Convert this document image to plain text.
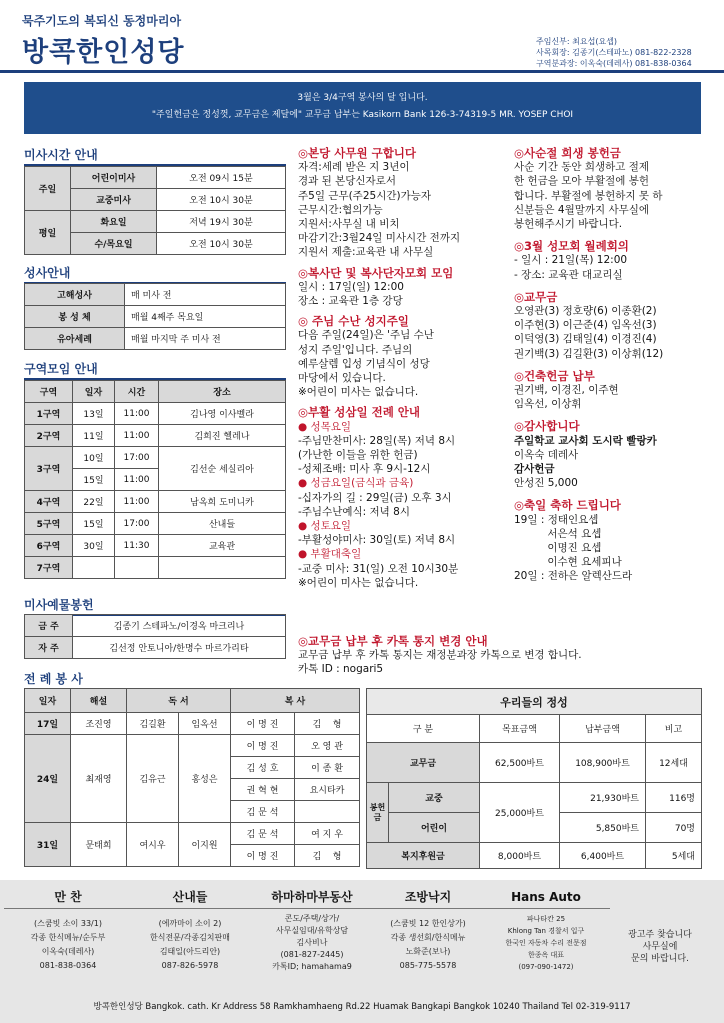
묵주기도의 복되신 동정마리아
방콕한인성당	주임신부: 최요섭(요셉)
사목회장: 김종기(스테파노) 081-822-2328
구역분과장: 이옥숙(데레사) 081-838-0364
3월은 3/4구역 봉사의 달 입니다.
"주일헌금은 정성껏, 교무금은 제달에" 교무금 납부는 Kasikorn Bank 126-3-74319-5 MR. YOSEP CHOI
미사시간 안내
주일	어린이미사	오전 09시 15분
	교중미사	오전 10시 30분
평일	화요일	저녁 19시 30분
	수/목요일	오전 10시 30분
성사안내
고해성사	매 미사 전
봉 성 체	매월 4째주 목요일
유아세례	매월 마지막 주 미사 전
구역모임 안내
구역	일자	시간	장소
1구역	13일	11:00	김나영 이사벨라
2구역	11일	11:00	김희진 헬레나
3구역	10일	17:00	김선순 세실리아
	15일	11:00	
4구역	22일	11:00	남옥희 도미니카
5구역	15일	17:00	산내들
6구역	30일	11:30	교육관
7구역			
미사예물봉헌
금 주	김종기 스테파노/이경옥 마크리나
자 주	김선정 안토니아/한명수 마르가리타
◎본당 사무원 구합니다
자격:세례 받은 지 3년이
경과 된 본당신자로서
주5일 근무(주25시간)가능자
근무시간:협의가능
지원서:사무실 내 비치
마감기간:3월24일 미사시간 전까지
지원서 제출:교육관 내 사무실
◎복사단 및 복사단자모회 모임
일시 : 17일(일) 12:00
장소 : 교육관 1층 강당
◎ 주님 수난 성지주일
다음 주일(24일)은 '주님 수난
성지 주일'입니다. 주님의
예루살렘 입성 기념식이 성당
마당에서 있습니다.
※어린이 미사는 없습니다.
◎부활 성삼일 전례 안내
● 성목요일
-주님만찬미사: 28일(목) 저녁 8시
(가난한 이들을 위한 헌금)
-성체조배: 미사 후 9시-12시
● 성금요일(금식과 금육)
-십자가의 길 : 29일(금) 오후 3시
-주님수난예식: 저녁 8시
● 성토요일
-부활성야미사: 30일(토) 저녁 8시
● 부활대축일
-교중 미사: 31(일) 오전 10시30분
※어린이 미사는 없습니다.
◎사순절 희생 봉헌금
사순 기간 동안 희생하고 절제
한 헌금을 모아 부활절에 봉헌
합니다. 부활절에 봉헌하지 못 하
신분들은 4월말까지 사무실에
봉헌해주시기 바랍니다.
◎3월 성모회 월례회의
- 일시 : 21일(목) 12:00
- 장소: 교육관 대교리실
◎교무금
오영관(3) 정호량(6) 이종환(2)
이주현(3) 이근준(4) 임옥선(3)
이덕영(3) 김태일(4) 이경진(4)
권기백(3) 김길환(3) 이상휘(12)
◎건축헌금 납부
권기백, 이경진, 이주현
임옥선, 이상휘
◎감사합니다
주일학교 교사회 도시락 빨랑카
이옥숙 데레사
감사헌금
안성진 5,000
◎축일 축하 드립니다
19일 : 정태인요셉
서은석 요셉
이명진 요셉
이수현 요세피나
20일 : 전하은 알렉산드라
◎교무금 납부 후 카톡 통지 변경 안내
교무금 납부 후 카톡 통지는 재정분과장 카톡으로 변경 합니다.
카톡 ID : nogari5
전 례 봉 사
일자	해설	독 서		복 사	
17일	조진영	김길환	임옥선	이 명 진	김    형
24일	최재영	김유근	홍성은	이 명 진	오 영 관
				김 성 호	이 종 환
				권 혁 현	요시타카
				김 문 석	
31일	문태희	여시우	이지원	김 문 석	여 지 우
				이 명 진	김    형
우리들의 정성				
구 분		목표금액	납부금액	비고
교무금		62,500바트	108,900바트	12세대
봉헌금	교중	25,000바트	21,930바트	116명
	어린이		5,850바트	70명
복지후원금		8,000바트	6,400바트	5세대
만 찬
(스쿰빗 소이 33/1)
각종 한식메뉴/순두부
이옥숙(데레사)
081-838-0364
산내들
(에까마이 소이 2)
한식전문/각종김치판매
김태일(아드리안)
087-826-5978
하마하마부동산
콘도/주택/상가/
사무실임대/유학상담
김사비나
(081-827-2445)
카톡ID; hamahama9
조방낙지
(스쿰빗 12 한인상가)
각종 생선회/한식메뉴
노화준(보나)
085-775-5578
Hans Auto
파나타칸 25
Khlong Tan 경찰서 입구
한국인 자동차 수리 전문점
한종옥 대표
(097-090-1472)
광고주 찾습니다
사무실에
문의 바랍니다.
방콕한인성당 Bangkok. cath. Kr Address 58 Ramkhamhaeng Rd.22 Huamak Bangkapi Bangkok 10240 Thailand Tel 02-319-9117
